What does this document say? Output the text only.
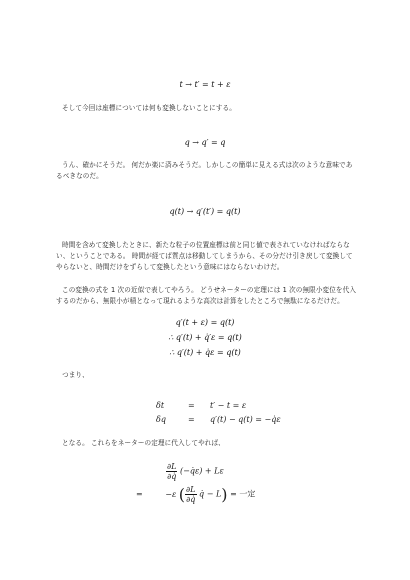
t → t′ = t + ε
そして今回は座標については何も変換しないことにする。
q → q′ = q
うん、確かにそうだ。 何だか楽に済みそうだ。しかしこの簡単に見える式は次のような意味であるべきなのだ。
q(t) → q′(t′) = q(t)
時間を含めて変換したときに、新たな粒子の位置座標は前と同じ値で表されていなければならない、ということである。 時間が経てば質点は移動してしまうから、その分だけ引き戻して変換してやらないと、時間だけをずらして変換したという意味にはならないわけだ。
この変換の式を 1 次の近似で表してやろう。 どうせネーターの定理には 1 次の無限小変位を代入するのだから、無限小が積となって現れるような高次は計算をしたところで無駄になるだけだ。
q′(t + ε) = q(t)
∴ q′(t) + q̇′ε = q(t)
∴ q′(t) + q̇ε = q(t)
つまり、
δt	= t′ − t = ε
δq	= q′(t) − q(t) = −q̇ε
となる。 これらをネーターの定理に代入してやれば、
$\frac{\partial L}{\partial q̇}$ (−q̇ε) + Lε
=	−ε ( $\frac{\partial L}{\partial q̇}$ q̇ − L) = 一定
